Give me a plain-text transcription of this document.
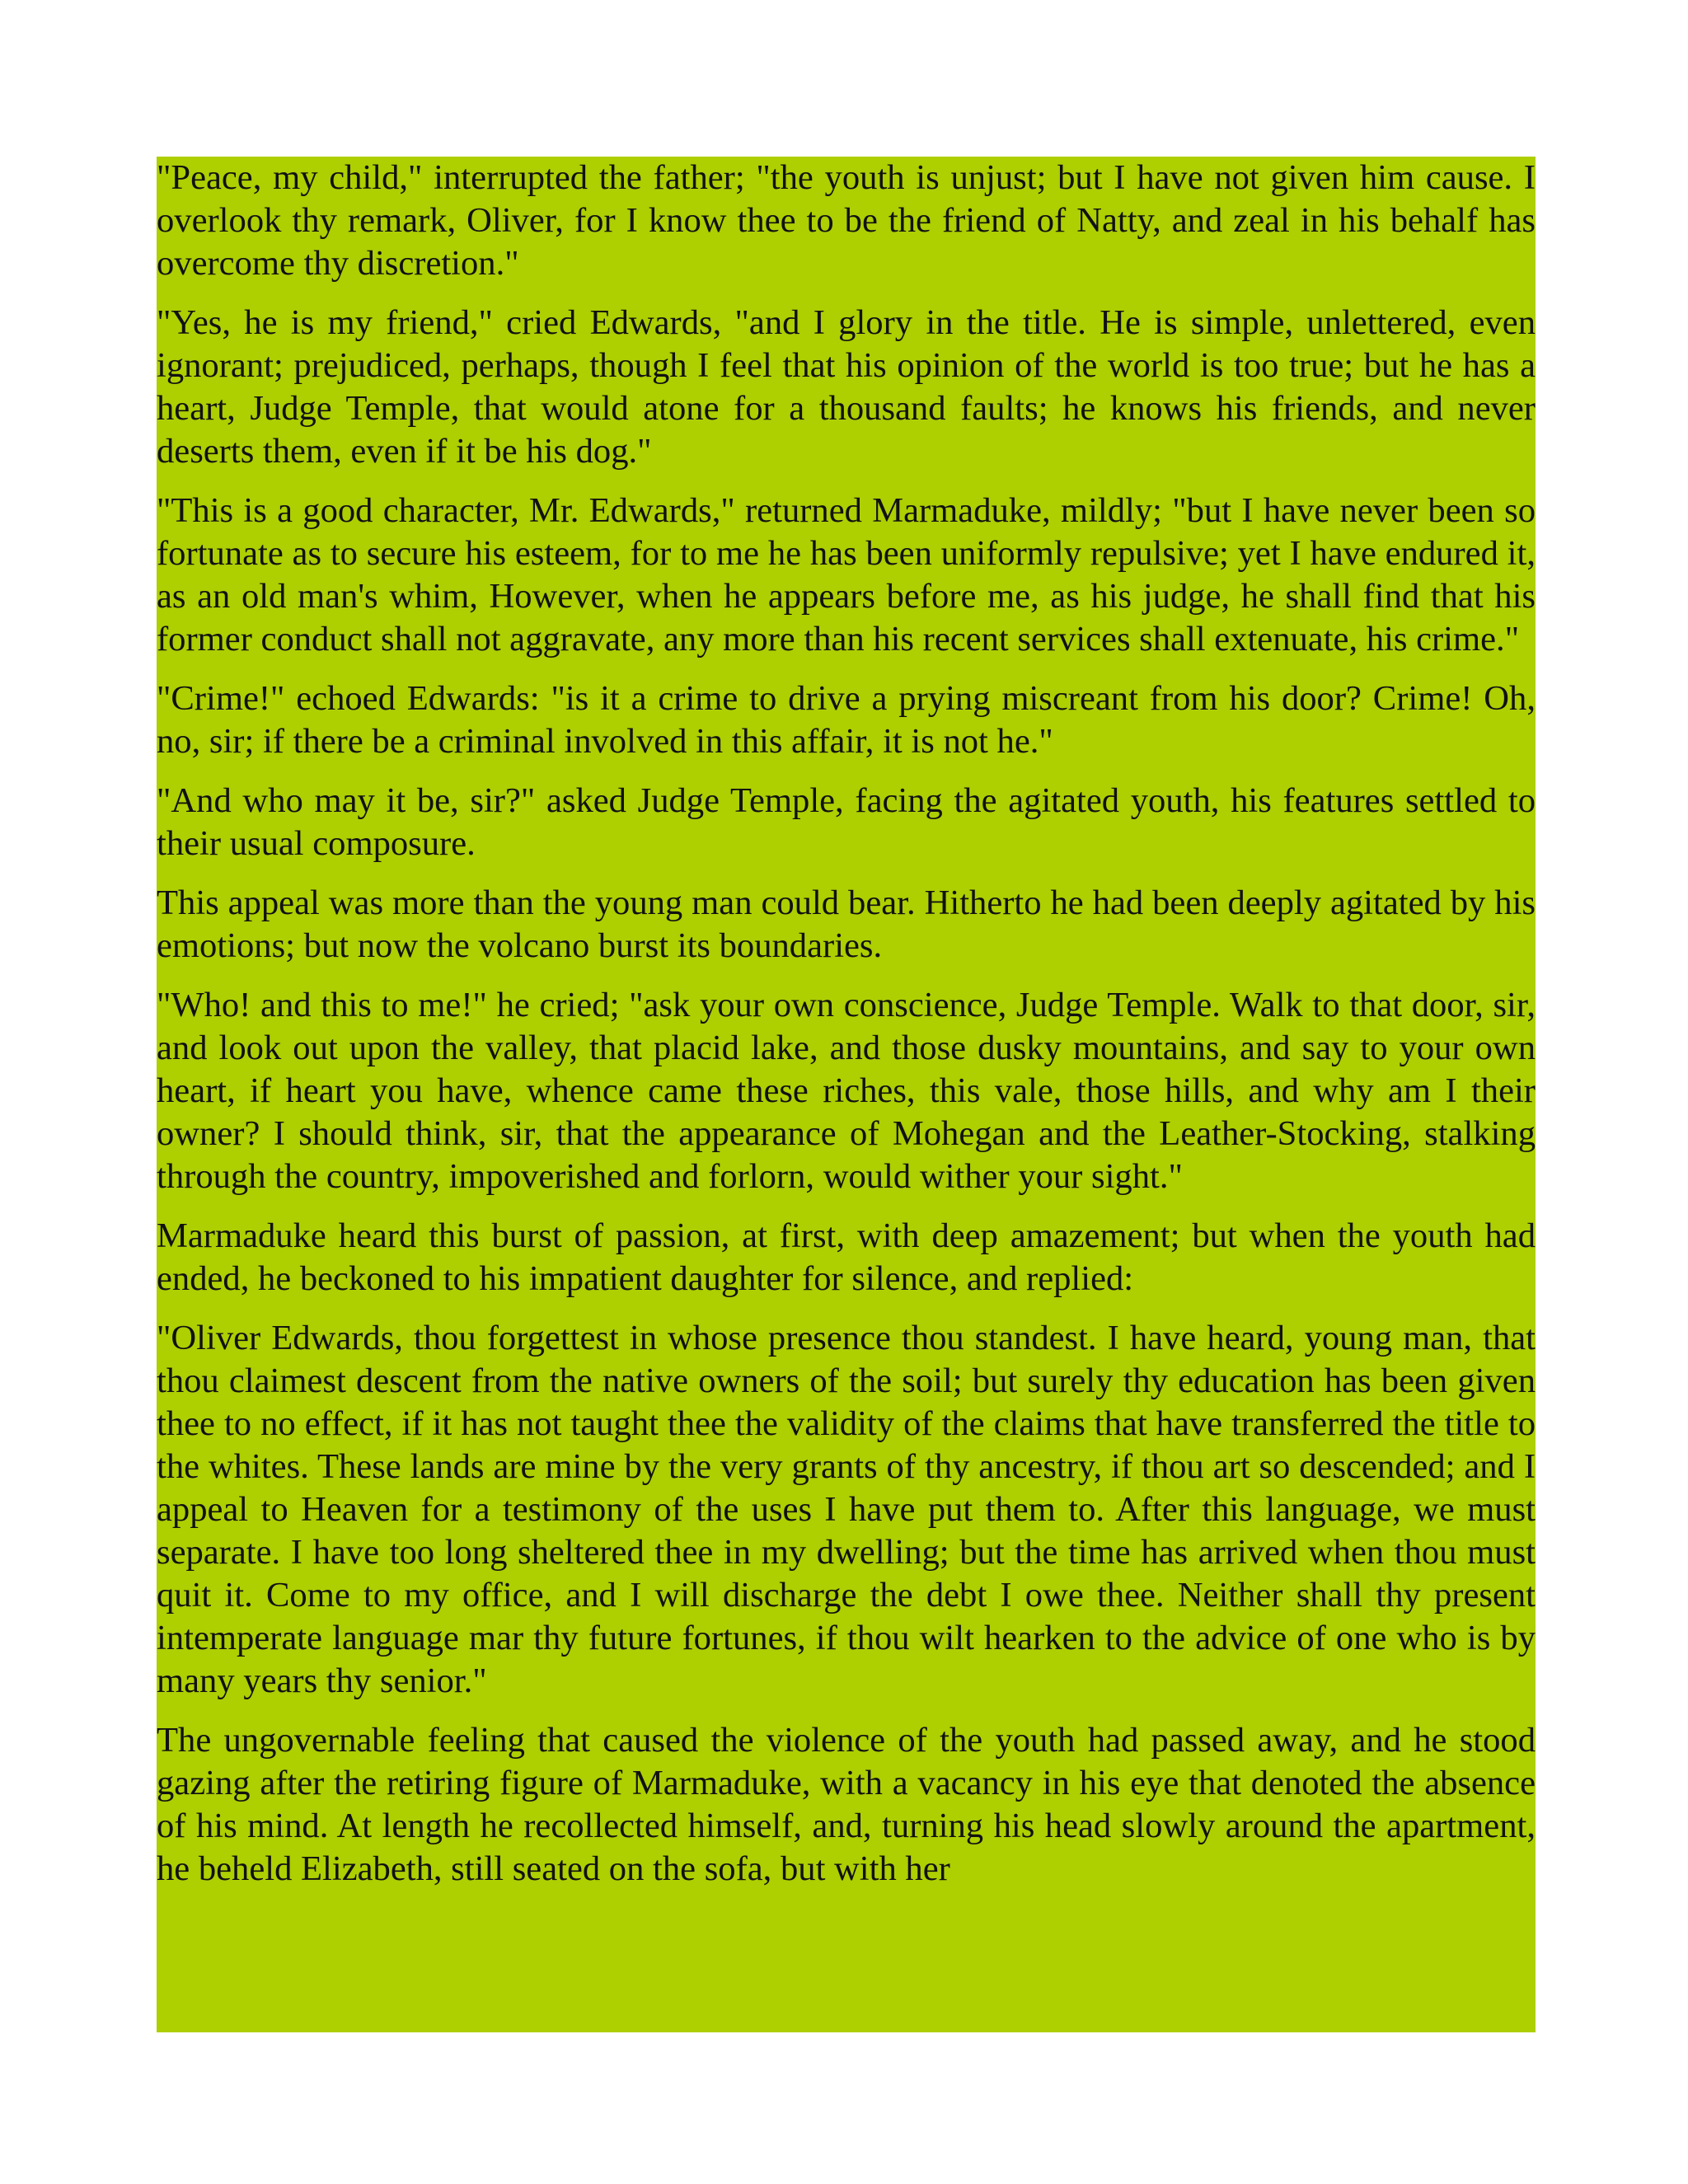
"Peace, my child," interrupted the father; "the youth is unjust; but I have not given him cause. I overlook thy remark, Oliver, for I know thee to be the friend of Natty, and zeal in his behalf has overcome thy discretion."

"Yes, he is my friend," cried Edwards, "and I glory in the title. He is simple, unlettered, even ignorant; prejudiced, perhaps, though I feel that his opinion of the world is too true; but he has a heart, Judge Temple, that would atone for a thousand faults; he knows his friends, and never deserts them, even if it be his dog."

"This is a good character, Mr. Edwards," returned Marmaduke, mildly; "but I have never been so fortunate as to secure his esteem, for to me he has been uniformly repulsive; yet I have endured it, as an old man's whim, However, when he appears before me, as his judge, he shall find that his former conduct shall not aggravate, any more than his recent services shall extenuate, his crime."

"Crime!" echoed Edwards: "is it a crime to drive a prying miscreant from his door? Crime! Oh, no, sir; if there be a criminal involved in this affair, it is not he."

"And who may it be, sir?" asked Judge Temple, facing the agitated youth, his features settled to their usual composure.

This appeal was more than the young man could bear. Hitherto he had been deeply agitated by his emotions; but now the volcano burst its boundaries.

"Who! and this to me!" he cried; "ask your own conscience, Judge Temple. Walk to that door, sir, and look out upon the valley, that placid lake, and those dusky mountains, and say to your own heart, if heart you have, whence came these riches, this vale, those hills, and why am I their owner? I should think, sir, that the appearance of Mohegan and the Leather-Stocking, stalking through the country, impoverished and forlorn, would wither your sight."

Marmaduke heard this burst of passion, at first, with deep amazement; but when the youth had ended, he beckoned to his impatient daughter for silence, and replied:

"Oliver Edwards, thou forgettest in whose presence thou standest. I have heard, young man, that thou claimest descent from the native owners of the soil; but surely thy education has been given thee to no effect, if it has not taught thee the validity of the claims that have transferred the title to the whites. These lands are mine by the very grants of thy ancestry, if thou art so descended; and I appeal to Heaven for a testimony of the uses I have put them to. After this language, we must separate. I have too long sheltered thee in my dwelling; but the time has arrived when thou must quit it. Come to my office, and I will discharge the debt I owe thee. Neither shall thy present intemperate language mar thy future fortunes, if thou wilt hearken to the advice of one who is by many years thy senior."

The ungovernable feeling that caused the violence of the youth had passed away, and he stood gazing after the retiring figure of Marmaduke, with a vacancy in his eye that denoted the absence of his mind. At length he recollected himself, and, turning his head slowly around the apartment, he beheld Elizabeth, still seated on the sofa, but with her
